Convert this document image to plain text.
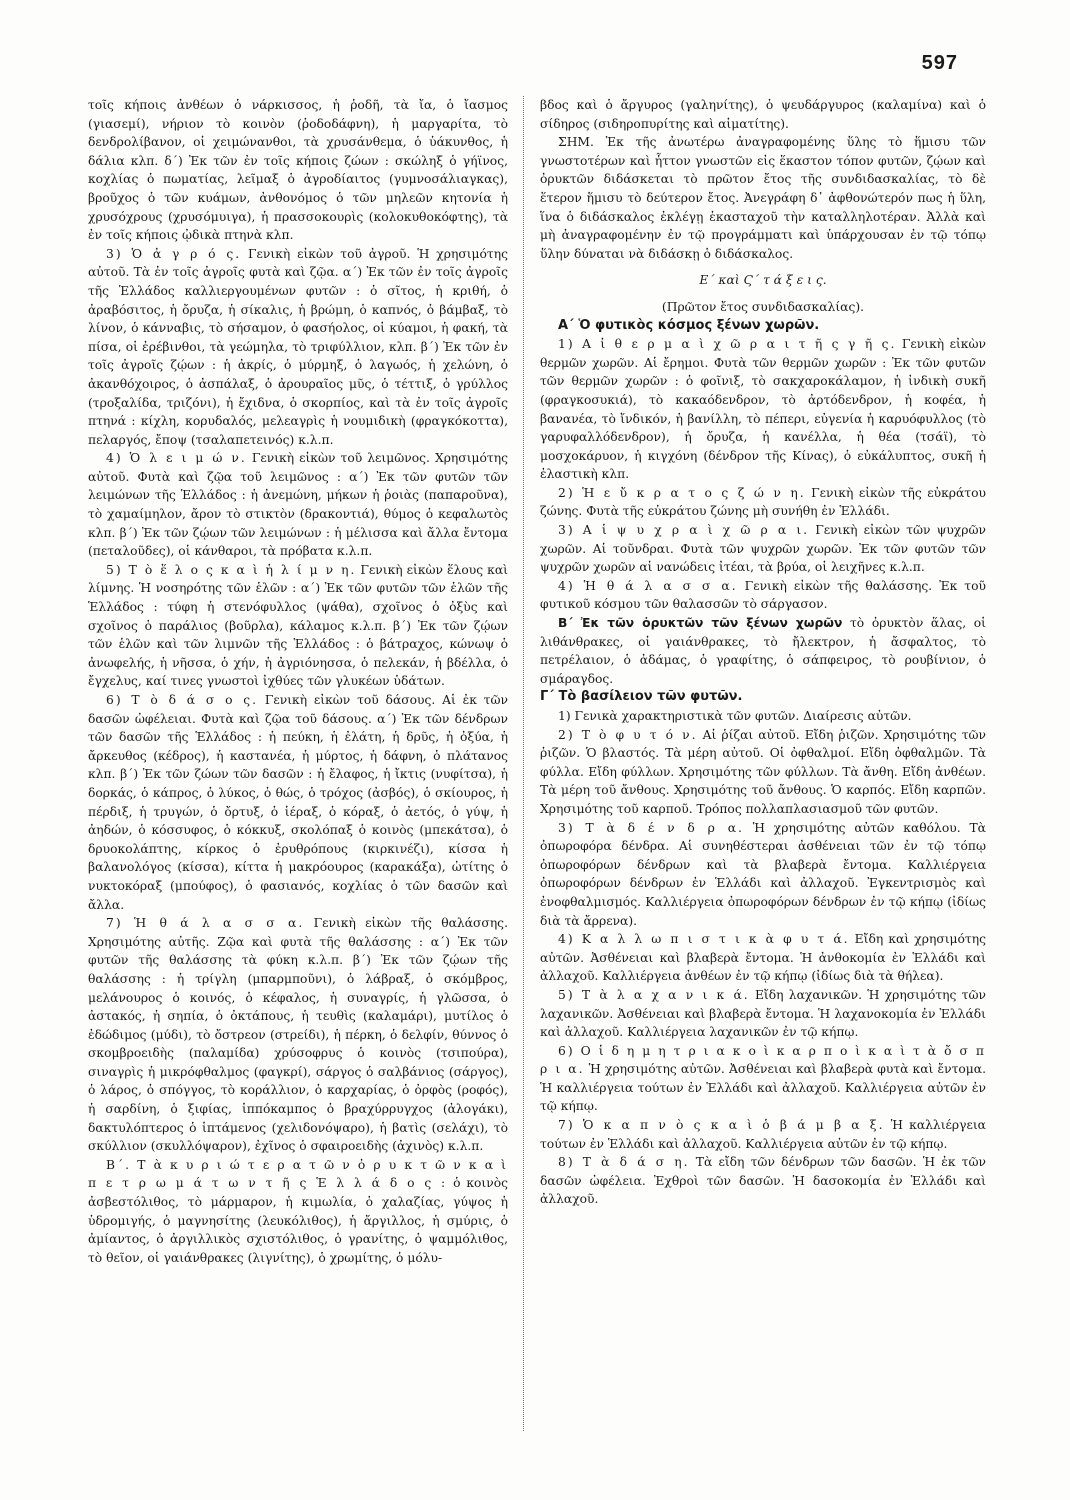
597

τοῖς κήποις ἀνθέων ὁ νάρκισσος, ἡ ῥοδῆ, τὰ ἴα, ὁ ἴασμος (γιασεμί), νήριον τὸ κοινὸν (ῥοδοδάφνη), ἡ μαργαρίτα, τὸ δενδρολίβανον, οἱ χειμώνανθοι, τὰ χρυσάνθεμα, ὁ ὑάκυνθος, ἡ δάλια κλπ. δ΄) Ἐκ τῶν ἐν τοῖς κήποις ζώων : σκώληξ ὁ γήϊνος, κοχλίας ὁ πωματίας, λεῖμαξ ὁ ἀγροδίαιτος (γυμνοσάλιαγκας), βροῦχος ὁ τῶν κυάμων, ἀνθονόμος ὁ τῶν μηλεῶν κητονία ἡ χρυσόχρους (χρυσόμυιγα), ἡ πρασσοκουρὶς (κολοκυθοκόφτης), τὰ ἐν τοῖς κήποις ᾠδικὰ πτηνὰ κλπ.

3) Ὁ ἀ γ ρ ό ς. Γενικὴ εἰκὼν τοῦ ἀγροῦ. Ἡ χρησιμότης αὐτοῦ. Τὰ ἐν τοῖς ἀγροῖς φυτὰ καὶ ζῷα. α΄) Ἐκ τῶν ἐν τοῖς ἀγροῖς τῆς Ἑλλάδος καλλιεργουμένων φυτῶν : ὁ σῖτος, ἡ κριθή, ὁ ἀραβόσιτος, ἡ ὄρυζα, ἡ σίκαλις, ἡ βρώμη, ὁ καπνός, ὁ βάμβαξ, τὸ λίνον, ὁ κάνναβις, τὸ σήσαμον, ὁ φασήολος, οἱ κύαμοι, ἡ φακή, τὰ πίσα, οἱ ἐρέβινθοι, τὰ γεώμηλα, τὸ τριφύλλιον, κλπ. β΄) Ἐκ τῶν ἐν τοῖς ἀγροῖς ζῴων : ἡ ἀκρίς, ὁ μύρμηξ, ὁ λαγωός, ἡ χελώνη, ὁ ἀκανθόχοιρος, ὁ ἀσπάλαξ, ὁ ἀρουραῖος μῦς, ὁ τέττιξ, ὁ γρύλλος (τροξαλίδα, τριζόνι), ἡ ἔχιδνα, ὁ σκορπίος, καὶ τὰ ἐν τοῖς ἀγροῖς πτηνά : κίχλη, κορυδαλός, μελεαγρὶς ἡ νουμιδικὴ (φραγκόκοττα), πελαργός, ἔποψ (τσαλαπετεινός) κ.λ.π.

4) Ὁ λ ε ι μ ώ ν. Γενικὴ εἰκὼν τοῦ λειμῶνος. Χρησιμότης αὐτοῦ. Φυτὰ καὶ ζῷα τοῦ λειμῶνος : α΄) Ἐκ τῶν φυτῶν τῶν λειμώνων τῆς Ἑλλάδος : ἡ ἀνεμώνη, μήκων ἡ ῥοιὰς (παπαροῦνα), τὸ χαμαίμηλον, ἄρον τὸ στικτὸν (δρακοντιά), θύμος ὁ κεφαλωτὸς κλπ. β΄) Ἐκ τῶν ζῴων τῶν λειμώνων : ἡ μέλισσα καὶ ἄλλα ἔντομα (πεταλοῦδες), οἱ κάνθαροι, τὰ πρόβατα κ.λ.π.

5) Τ ὸ ἕ λ ο ς κ α ὶ ἡ λ ί μ ν η. Γενικὴ εἰκὼν ἕλους καὶ λίμνης. Ἡ νοσηρότης τῶν ἑλῶν : α΄) Ἐκ τῶν φυτῶν τῶν ἑλῶν τῆς Ἑλλάδος : τύφη ἡ στενόφυλλος (ψάθα), σχοῖνος ὁ ὀξὺς καὶ σχοῖνος ὁ παράλιος (βοῦρλα), κάλαμος κ.λ.π. β΄) Ἐκ τῶν ζῴων τῶν ἑλῶν καὶ τῶν λιμνῶν τῆς Ἑλλάδος : ὁ βάτραχος, κώνωψ ὁ ἀνωφελής, ἡ νῆσσα, ὁ χήν, ἡ ἀγριόνησσα, ὁ πελεκάν, ἡ βδέλλα, ὁ ἔγχελυς, καί τινες γνωστοὶ ἰχθύες τῶν γλυκέων ὑδάτων.

6) Τ ὸ δ ά σ ο ς. Γενικὴ εἰκὼν τοῦ δάσους. Αἱ ἐκ τῶν δασῶν ὠφέλειαι. Φυτὰ καὶ ζῷα τοῦ δάσους. α΄) Ἐκ τῶν δένδρων τῶν δασῶν τῆς Ἑλλάδος : ἡ πεύκη, ἡ ἐλάτη, ἡ δρῦς, ἡ ὀξύα, ἡ ἄρκευθος (κέδρος), ἡ καστανέα, ἡ μύρτος, ἡ δάφνη, ὁ πλάτανος κλπ. β΄) Ἐκ τῶν ζώων τῶν δασῶν : ἡ ἔλαφος, ἡ ἴκτις (νυφίτσα), ἡ δορκάς, ὁ κάπρος, ὁ λύκος, ὁ θώς, ὁ τρόχος (ἀσβός), ὁ σκίουρος, ἡ πέρδιξ, ἡ τρυγών, ὁ ὄρτυξ, ὁ ἱέραξ, ὁ κόραξ, ὁ ἀετός, ὁ γύψ, ἡ ἀηδών, ὁ κόσσυφος, ὁ κόκκυξ, σκολόπαξ ὁ κοινὸς (μπεκάτσα), ὁ δρυοκολάπτης, κίρκος ὁ ἐρυθρόπους (κιρκινέζι), κίσσα ἡ βαλανολόγος (κίσσα), κίττα ἡ μακρόουρος (καρακάξα), ὠτίτης ὁ νυκτοκόραξ (μπούφος), ὁ φασιανός, κοχλίας ὁ τῶν δασῶν καὶ ἄλλα.

7) Ἡ θ ά λ α σ σ α. Γενικὴ εἰκὼν τῆς θαλάσσης. Χρησιμότης αὐτῆς. Ζῷα καὶ φυτὰ τῆς θαλάσσης : α΄) Ἐκ τῶν φυτῶν τῆς θαλάσσης τὰ φύκη κ.λ.π. β΄) Ἐκ τῶν ζῴων τῆς θαλάσσης : ἡ τρίγλη (μπαρμποῦνι), ὁ λάβραξ, ὁ σκόμβρος, μελάνουρος ὁ κοινός, ὁ κέφαλος, ἡ συναγρίς, ἡ γλῶσσα, ὁ ἀστακός, ἡ σηπία, ὁ ὀκτάπους, ἡ τευθὶς (καλαμάρι), μυτίλος ὁ ἐδώδιμος (μύδι), τὸ ὄστρεον (στρείδι), ἡ πέρκη, ὁ δελφίν, θύννος ὁ σκομβροειδὴς (παλαμίδα) χρύσοφρυς ὁ κοινὸς (τσιπούρα), σιναγρὶς ἡ μικρόφθαλμος (φαγκρί), σάργος ὁ σαλβάνιος (σάργος), ὁ λάρος, ὁ σπόγγος, τὸ κοράλλιον, ὁ καρχαρίας, ὁ ὀρφὸς (ροφός), ἡ σαρδίνη, ὁ ξιφίας, ἱππόκαμπος ὁ βραχύρρυγχος (ἀλογάκι), δακτυλόπτερος ὁ ἱπτάμενος (χελιδονόψαρο), ἡ βατὶς (σελάχι), τὸ σκύλλιον (σκυλλόψαρον), ἐχῖνος ὁ σφαιροειδὴς (ἀχινὸς) κ.λ.π.

Β΄. Τ ὰ κ υ ρ ι ώ τ ε ρ α τ ῶ ν ὀ ρ υ κ τ ῶ ν κ α ὶ π ε τ ρ ω μ ά τ ω ν τ ῆ ς Ἑ λ λ ά δ ο ς : ὁ κοινὸς ἀσβεστόλιθος, τὸ μάρμαρον, ἡ κιμωλία, ὁ χαλαζίας, γύψος ἡ ὑδρομιγής, ὁ μαγνησίτης (λευκόλιθος), ἡ ἄργιλλος, ἡ σμύρις, ὁ ἀμίαντος, ὁ ἀργιλλικὸς σχιστόλιθος, ὁ γρανίτης, ὁ ψαμμόλιθος, τὸ θεῖον, οἱ γαιάνθρακες (λιγνίτης), ὁ χρωμίτης, ὁ μόλυ-

βδος καὶ ὁ ἄργυρος (γαληνίτης), ὁ ψευδάργυρος (καλαμίνα) καὶ ὁ σίδηρος (σιδηροπυρίτης καὶ αἱματίτης).

ΣΗΜ. Ἐκ τῆς ἀνωτέρω ἀναγραφομένης ὕλης τὸ ἥμισυ τῶν γνωστοτέρων καὶ ἧττον γνωστῶν εἰς ἕκαστον τόπον φυτῶν, ζῴων καὶ ὀρυκτῶν διδάσκεται τὸ πρῶτον ἔτος τῆς συνδιδασκαλίας, τὸ δὲ ἕτερον ἥμισυ τὸ δεύτερον ἔτος. Ἀνεγράφη δ᾿ ἀφθονώτερόν πως ἡ ὕλη, ἵνα ὁ διδάσκαλος ἐκλέγῃ ἑκασταχοῦ τὴν καταλληλοτέραν. Ἀλλὰ καὶ μὴ ἀναγραφομένην ἐν τῷ προγράμματι καὶ ὑπάρχουσαν ἐν τῷ τόπῳ ὕλην δύναται νὰ διδάσκῃ ὁ διδάσκαλος.

Ε΄ καὶ Ϛ΄ τ ά ξ ε ι ς.

(Πρῶτον ἔτος συνδιδασκαλίας).

Α΄ Ὁ φυτικὸς κόσμος ξένων χωρῶν.

1) Α ἱ θ ε ρ μ α ὶ χ ῶ ρ α ι τ ῆ ς γ ῆ ς. Γενικὴ εἰκὼν θερμῶν χωρῶν. Αἱ ἔρημοι. Φυτὰ τῶν θερμῶν χωρῶν : Ἐκ τῶν φυτῶν τῶν θερμῶν χωρῶν : ὁ φοῖνιξ, τὸ σακχαροκάλαμον, ἡ ἰνδικὴ συκῆ (φραγκοσυκιά), τὸ κακαόδενδρον, τὸ ἀρτόδενδρον, ἡ κοφέα, ἡ βανανέα, τὸ ἴνδικόν, ἡ βανίλλη, τὸ πέπερι, εὐγενία ἡ καρυόφυλλος (τὸ γαρυφαλλόδενδρον), ἡ ὄρυζα, ἡ κανέλλα, ἡ θέα (τσάϊ), τὸ μοσχοκάρυον, ἡ κιγχόνη (δένδρον τῆς Κίνας), ὁ εὐκάλυπτος, συκῆ ἡ ἐλαστικὴ κλπ.

2) Ἡ ε ὔ κ ρ α τ ο ς ζ ώ ν η. Γενικὴ εἰκὼν τῆς εὐκράτου ζώνης. Φυτὰ τῆς εὐκράτου ζώνης μὴ συνήθη ἐν Ἑλλάδι.

3) Α ἱ ψ υ χ ρ α ὶ χ ῶ ρ α ι. Γενικὴ εἰκὼν τῶν ψυχρῶν χωρῶν. Αἱ τοῦνδραι. Φυτὰ τῶν ψυχρῶν χωρῶν. Ἐκ τῶν φυτῶν τῶν ψυχρῶν χωρῶν αἱ νανώδεις ἰτέαι, τὰ βρύα, οἱ λειχῆνες κ.λ.π.

4) Ἡ θ ά λ α σ σ α. Γενικὴ εἰκὼν τῆς θαλάσσης. Ἐκ τοῦ φυτικοῦ κόσμου τῶν θαλασσῶν τὸ σάργασον.

Β΄ Ἐκ τῶν ὀρυκτῶν τῶν ξένων χωρῶν τὸ ὀρυκτὸν ἅλας, οἱ λιθάνθρακες, οἱ γαιάνθρακες, τὸ ἤλεκτρον, ἡ ἄσφαλτος, τὸ πετρέλαιον, ὁ ἀδάμας, ὁ γραφίτης, ὁ σάπφειρος, τὸ ρουβίνιον, ὁ σμάραγδος.

Γ΄ Τὸ βασίλειον τῶν φυτῶν.

1) Γενικὰ χαρακτηριστικὰ τῶν φυτῶν. Διαίρεσις αὐτῶν.

2) Τ ὸ φ υ τ ό ν. Αἱ ῥίζαι αὐτοῦ. Εἴδη ῥιζῶν. Χρησιμότης τῶν ῥιζῶν. Ὁ βλαστός. Τὰ μέρη αὐτοῦ. Οἱ ὀφθαλμοί. Εἴδη ὀφθαλμῶν. Τὰ φύλλα. Εἴδη φύλλων. Χρησιμότης τῶν φύλλων. Τὰ ἄνθη. Εἴδη ἀνθέων. Τὰ μέρη τοῦ ἄνθους. Χρησιμότης τοῦ ἄνθους. Ὁ καρπός. Εἴδη καρπῶν. Χρησιμότης τοῦ καρποῦ. Τρόπος πολλαπλασιασμοῦ τῶν φυτῶν.

3) Τ ὰ δ έ ν δ ρ α. Ἡ χρησιμότης αὐτῶν καθόλου. Τὰ ὀπωροφόρα δένδρα. Αἱ συνηθέστεραι ἀσθένειαι τῶν ἐν τῷ τόπῳ ὀπωροφόρων δένδρων καὶ τὰ βλαβερὰ ἔντομα. Καλλιέργεια ὀπωροφόρων δένδρων ἐν Ἑλλάδι καὶ ἀλλαχοῦ. Ἐγκεντρισμὸς καὶ ἐνοφθαλμισμός. Καλλιέργεια ὀπωροφόρων δένδρων ἐν τῷ κήπῳ (ἰδίως διὰ τὰ ἄρρενα).

4) Κ α λ λ ω π ι σ τ ι κ ὰ φ υ τ ά. Εἴδη καὶ χρησιμότης αὐτῶν. Ἀσθένειαι καὶ βλαβερὰ ἔντομα. Ἡ ἀνθοκομία ἐν Ἑλλάδι καὶ ἀλλαχοῦ. Καλλιέργεια ἀνθέων ἐν τῷ κήπῳ (ἰδίως διὰ τὰ θήλεα).

5) Τ ὰ λ α χ α ν ι κ ά. Εἴδη λαχανικῶν. Ἡ χρησιμότης τῶν λαχανικῶν. Ἀσθένειαι καὶ βλαβερὰ ἔντομα. Ἡ λαχανοκομία ἐν Ἑλλάδι καὶ ἀλλαχοῦ. Καλλιέργεια λαχανικῶν ἐν τῷ κήπῳ.

6) Ο ἱ δ η μ η τ ρ ι α κ ο ὶ κ α ρ π ο ὶ κ α ὶ τ ὰ ὄ σ π ρ ι α. Ἡ χρησιμότης αὐτῶν. Ἀσθένειαι καὶ βλαβερὰ φυτὰ καὶ ἔντομα. Ἡ καλλιέργεια τούτων ἐν Ἑλλάδι καὶ ἀλλαχοῦ. Καλλιέργεια αὐτῶν ἐν τῷ κήπῳ.

7) Ὁ κ α π ν ὸ ς κ α ὶ ὁ β ά μ β α ξ. Ἡ καλλιέργεια τούτων ἐν Ἑλλάδι καὶ ἀλλαχοῦ. Καλλιέργεια αὐτῶν ἐν τῷ κήπῳ.

8) Τ ὰ δ ά σ η. Τὰ εἴδη τῶν δένδρων τῶν δασῶν. Ἡ ἐκ τῶν δασῶν ὠφέλεια. Ἐχθροὶ τῶν δασῶν. Ἡ δασοκομία ἐν Ἑλλάδι καὶ ἀλλαχοῦ.
